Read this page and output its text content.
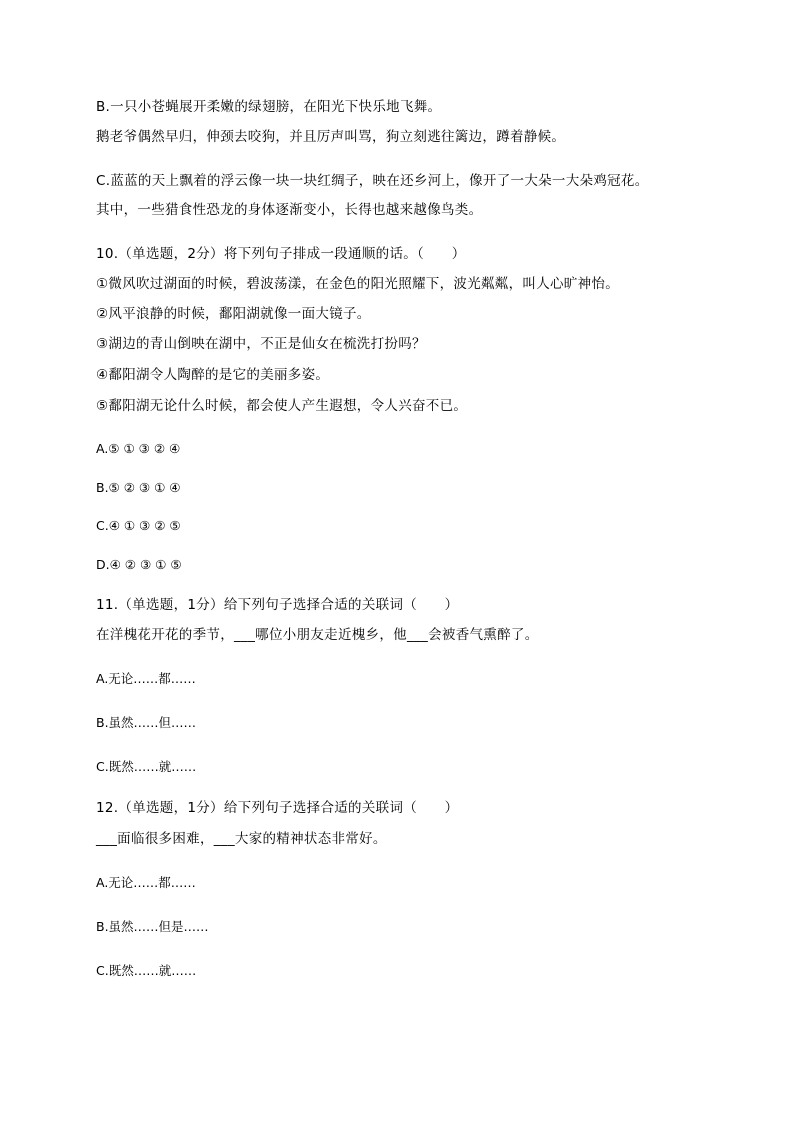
B.一只小苍蝇展开柔嫩的绿翅膀，在阳光下快乐地飞舞。
鹅老爷偶然早归，伸颈去咬狗，并且厉声叫骂，狗立刻逃往篱边，蹲着静候。
C.蓝蓝的天上飘着的浮云像一块一块红绸子，映在还乡河上，像开了一大朵一大朵鸡冠花。
其中，一些猎食性恐龙的身体逐渐变小，长得也越来越像鸟类。
10.（单选题，2分）将下列句子排成一段通顺的话。（　　）
①微风吹过湖面的时候，碧波荡漾，在金色的阳光照耀下，波光粼粼，叫人心旷神怡。
②风平浪静的时候，鄱阳湖就像一面大镜子。
③湖边的青山倒映在湖中，不正是仙女在梳洗打扮吗？
④鄱阳湖令人陶醉的是它的美丽多姿。
⑤鄱阳湖无论什么时候，都会使人产生遐想，令人兴奋不已。
A.⑤ ① ③ ② ④
B.⑤ ② ③ ① ④
C.④ ① ③ ② ⑤
D.④ ② ③ ① ⑤
11.（单选题，1分）给下列句子选择合适的关联词（　　）
在洋槐花开花的季节，___哪位小朋友走近槐乡，他___会被香气熏醉了。
A.无论……都……
B.虽然……但……
C.既然……就……
12.（单选题，1分）给下列句子选择合适的关联词（　　）
___面临很多困难，___大家的精神状态非常好。
A.无论……都……
B.虽然……但是……
C.既然……就……
